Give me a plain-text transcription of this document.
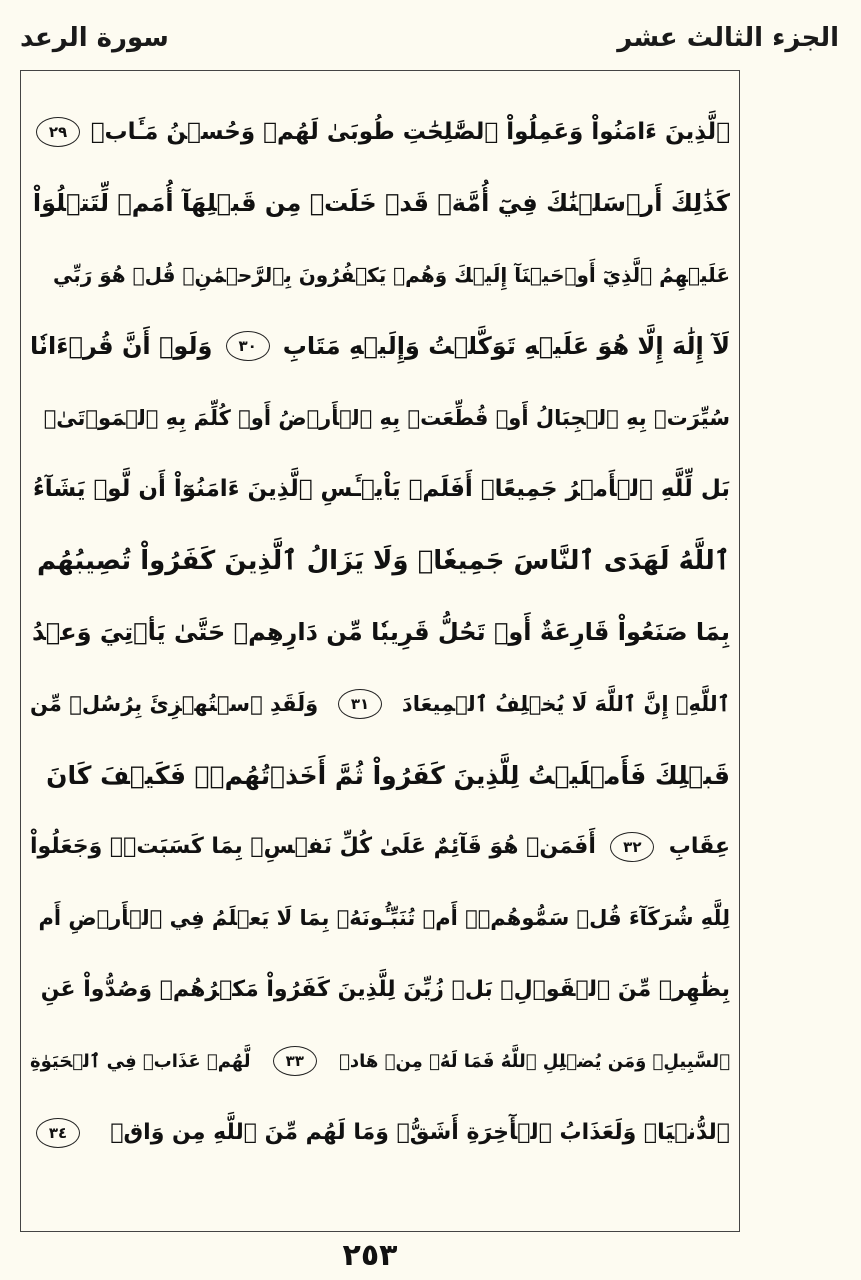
الجزء الثالث عشر
سورة الرعد
ٱلَّذِينَ ءَامَنُواْ وَعَمِلُواْ ٱلصَّٰلِحَٰتِ طُوبَىٰ لَهُمۡ وَحُسۡنُ مَـَٔابٖ
٢٩
كَذَٰلِكَ أَرۡسَلۡنَٰكَ فِيٓ أُمَّةٖ قَدۡ خَلَتۡ مِن قَبۡلِهَآ أُمَمٞ لِّتَتۡلُوَاْ
عَلَيۡهِمُ ٱلَّذِيٓ أَوۡحَيۡنَآ إِلَيۡكَ وَهُمۡ يَكۡفُرُونَ بِٱلرَّحۡمَٰنِۚ قُلۡ هُوَ رَبِّي
لَآ إِلَٰهَ إِلَّا هُوَ عَلَيۡهِ تَوَكَّلۡتُ وَإِلَيۡهِ مَتَابِ
٣٠
وَلَوۡ أَنَّ قُرۡءَانٗا
سُيِّرَتۡ بِهِ ٱلۡجِبَالُ أَوۡ قُطِّعَتۡ بِهِ ٱلۡأَرۡضُ أَوۡ كُلِّمَ بِهِ ٱلۡمَوۡتَىٰۗ
بَل لِّلَّهِ ٱلۡأَمۡرُ جَمِيعًاۗ أَفَلَمۡ يَاْيۡـَٔسِ ٱلَّذِينَ ءَامَنُوٓاْ أَن لَّوۡ يَشَآءُ
ٱللَّهُ لَهَدَى ٱلنَّاسَ جَمِيعٗاۗ وَلَا يَزَالُ ٱلَّذِينَ كَفَرُواْ تُصِيبُهُم
بِمَا صَنَعُواْ قَارِعَةٌ أَوۡ تَحُلُّ قَرِيبٗا مِّن دَارِهِمۡ حَتَّىٰ يَأۡتِيَ وَعۡدُ
ٱللَّهِۚ إِنَّ ٱللَّهَ لَا يُخۡلِفُ ٱلۡمِيعَادَ
٣١
وَلَقَدِ ٱسۡتُهۡزِئَ بِرُسُلٖ مِّن
قَبۡلِكَ فَأَمۡلَيۡتُ لِلَّذِينَ كَفَرُواْ ثُمَّ أَخَذۡتُهُمۡۖ فَكَيۡفَ كَانَ
عِقَابِ
٣٢
أَفَمَنۡ هُوَ قَآئِمٌ عَلَىٰ كُلِّ نَفۡسِۭ بِمَا كَسَبَتۡۗ وَجَعَلُواْ
لِلَّهِ شُرَكَآءَ قُلۡ سَمُّوهُمۡۚ أَمۡ تُنَبِّـُٔونَهُۥ بِمَا لَا يَعۡلَمُ فِي ٱلۡأَرۡضِ أَم
بِظَٰهِرٖ مِّنَ ٱلۡقَوۡلِۗ بَلۡ زُيِّنَ لِلَّذِينَ كَفَرُواْ مَكۡرُهُمۡ وَصُدُّواْ عَنِ
ٱلسَّبِيلِۗ وَمَن يُضۡلِلِ ٱللَّهُ فَمَا لَهُۥ مِنۡ هَادٖ
٣٣
لَّهُمۡ عَذَابٞ فِي ٱلۡحَيَوٰةِ
ٱلدُّنۡيَاۖ وَلَعَذَابُ ٱلۡأٓخِرَةِ أَشَقُّۖ وَمَا لَهُم مِّنَ ٱللَّهِ مِن وَاقٖ
٣٤
٢٥٣
